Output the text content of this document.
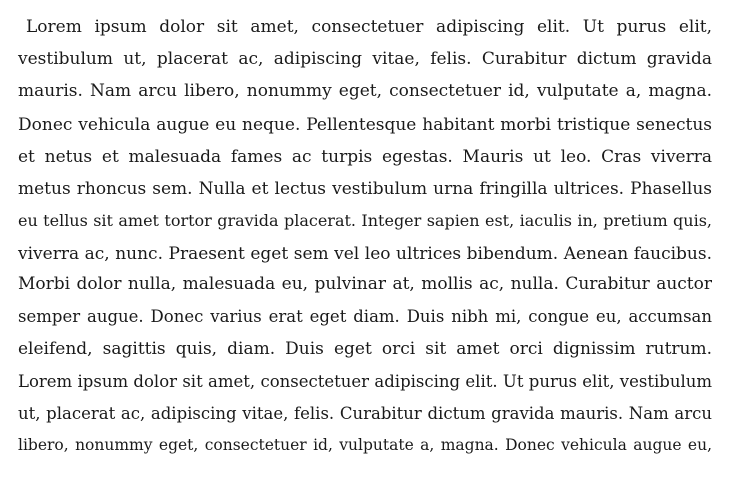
Lorem ipsum dolor sit amet, consectetuer adipiscing elit. Ut purus elit,
vestibulum ut, placerat ac, adipiscing vitae, felis. Curabitur dictum gravida
mauris. Nam arcu libero, nonummy eget, consectetuer id, vulputate a, magna.
Donec vehicula augue eu neque. Pellentesque habitant morbi tristique senectus
et netus et malesuada fames ac turpis egestas. Mauris ut leo. Cras viverra
metus rhoncus sem. Nulla et lectus vestibulum urna fringilla ultrices. Phasellus
eu tellus sit amet tortor gravida placerat. Integer sapien est, iaculis in, pretium quis,
viverra ac, nunc. Praesent eget sem vel leo ultrices bibendum. Aenean faucibus.
Morbi dolor nulla, malesuada eu, pulvinar at, mollis ac, nulla. Curabitur auctor
semper augue. Donec varius erat eget diam. Duis nibh mi, congue eu, accumsan
eleifend, sagittis quis, diam. Duis eget orci sit amet orci dignissim rutrum.
Lorem ipsum dolor sit amet, consectetuer adipiscing elit. Ut purus elit, vestibulum
ut, placerat ac, adipiscing vitae, felis. Curabitur dictum gravida mauris. Nam arcu
libero, nonummy eget, consectetuer id, vulputate a, magna. Donec vehicula augue eu,
